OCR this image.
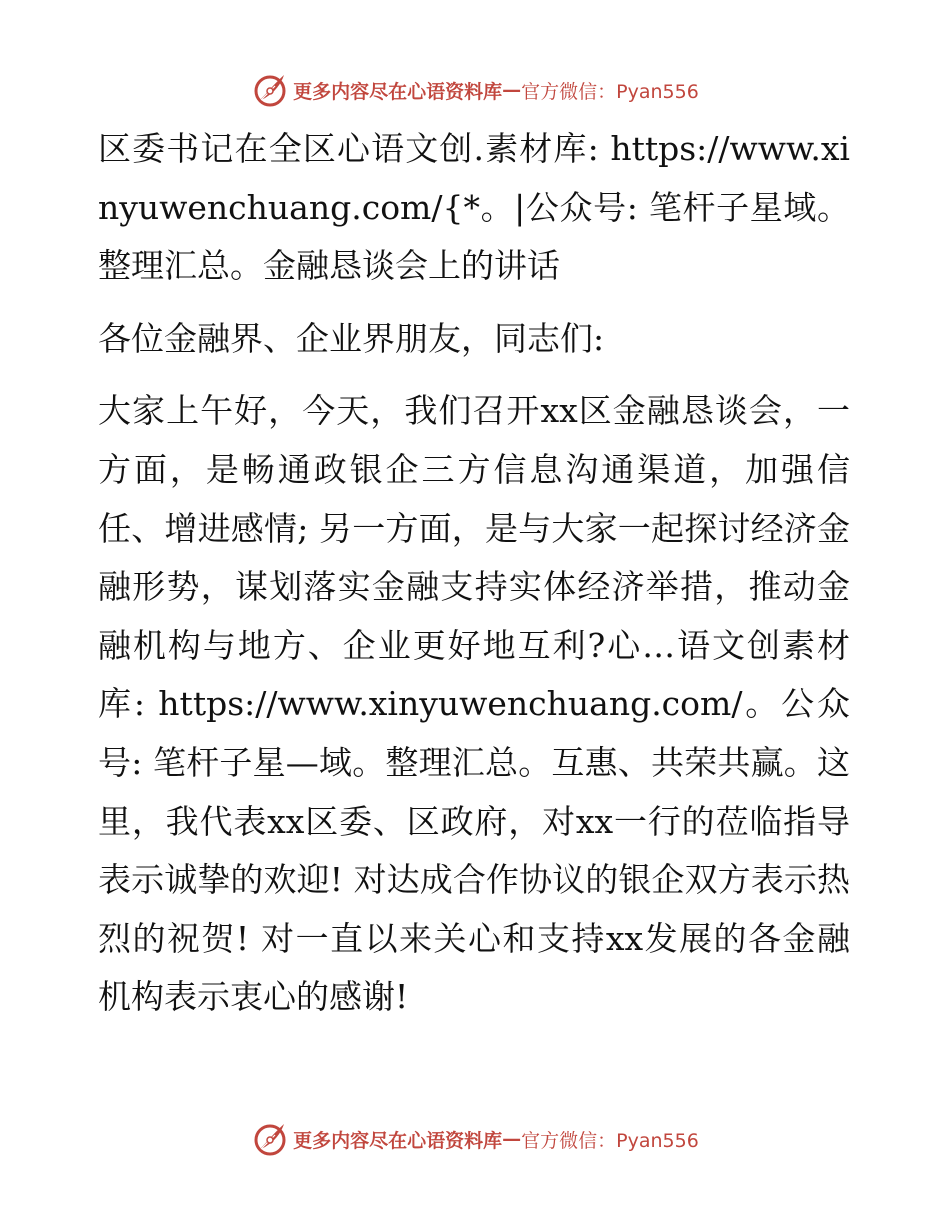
更多内容尽在心语资料库 — 官方微信：Pyan556

区委书记在全区心语文创.素材库: https://www.xinyuwenchuang.com/{*。|公众号: 笔杆子星域。整理汇总。金融恳谈会上的讲话

各位金融界、企业界朋友，同志们:

大家上午好，今天，我们召开xx区金融恳谈会，一方面，是畅通政银企三方信息沟通渠道，加强信任、增进感情; 另一方面，是与大家一起探讨经济金融形势，谋划落实金融支持实体经济举措，推动金融机构与地方、企业更好地互利?心…语文创素材库: https://www.xinyuwenchuang.com/。公众号: 笔杆子星—域。整理汇总。互惠、共荣共赢。这里，我代表xx区委、区政府，对xx一行的莅临指导表示诚挚的欢迎! 对达成合作协议的银企双方表示热烈的祝贺! 对一直以来关心和支持xx发展的各金融机构表示衷心的感谢!

更多内容尽在心语资料库 — 官方微信：Pyan556
